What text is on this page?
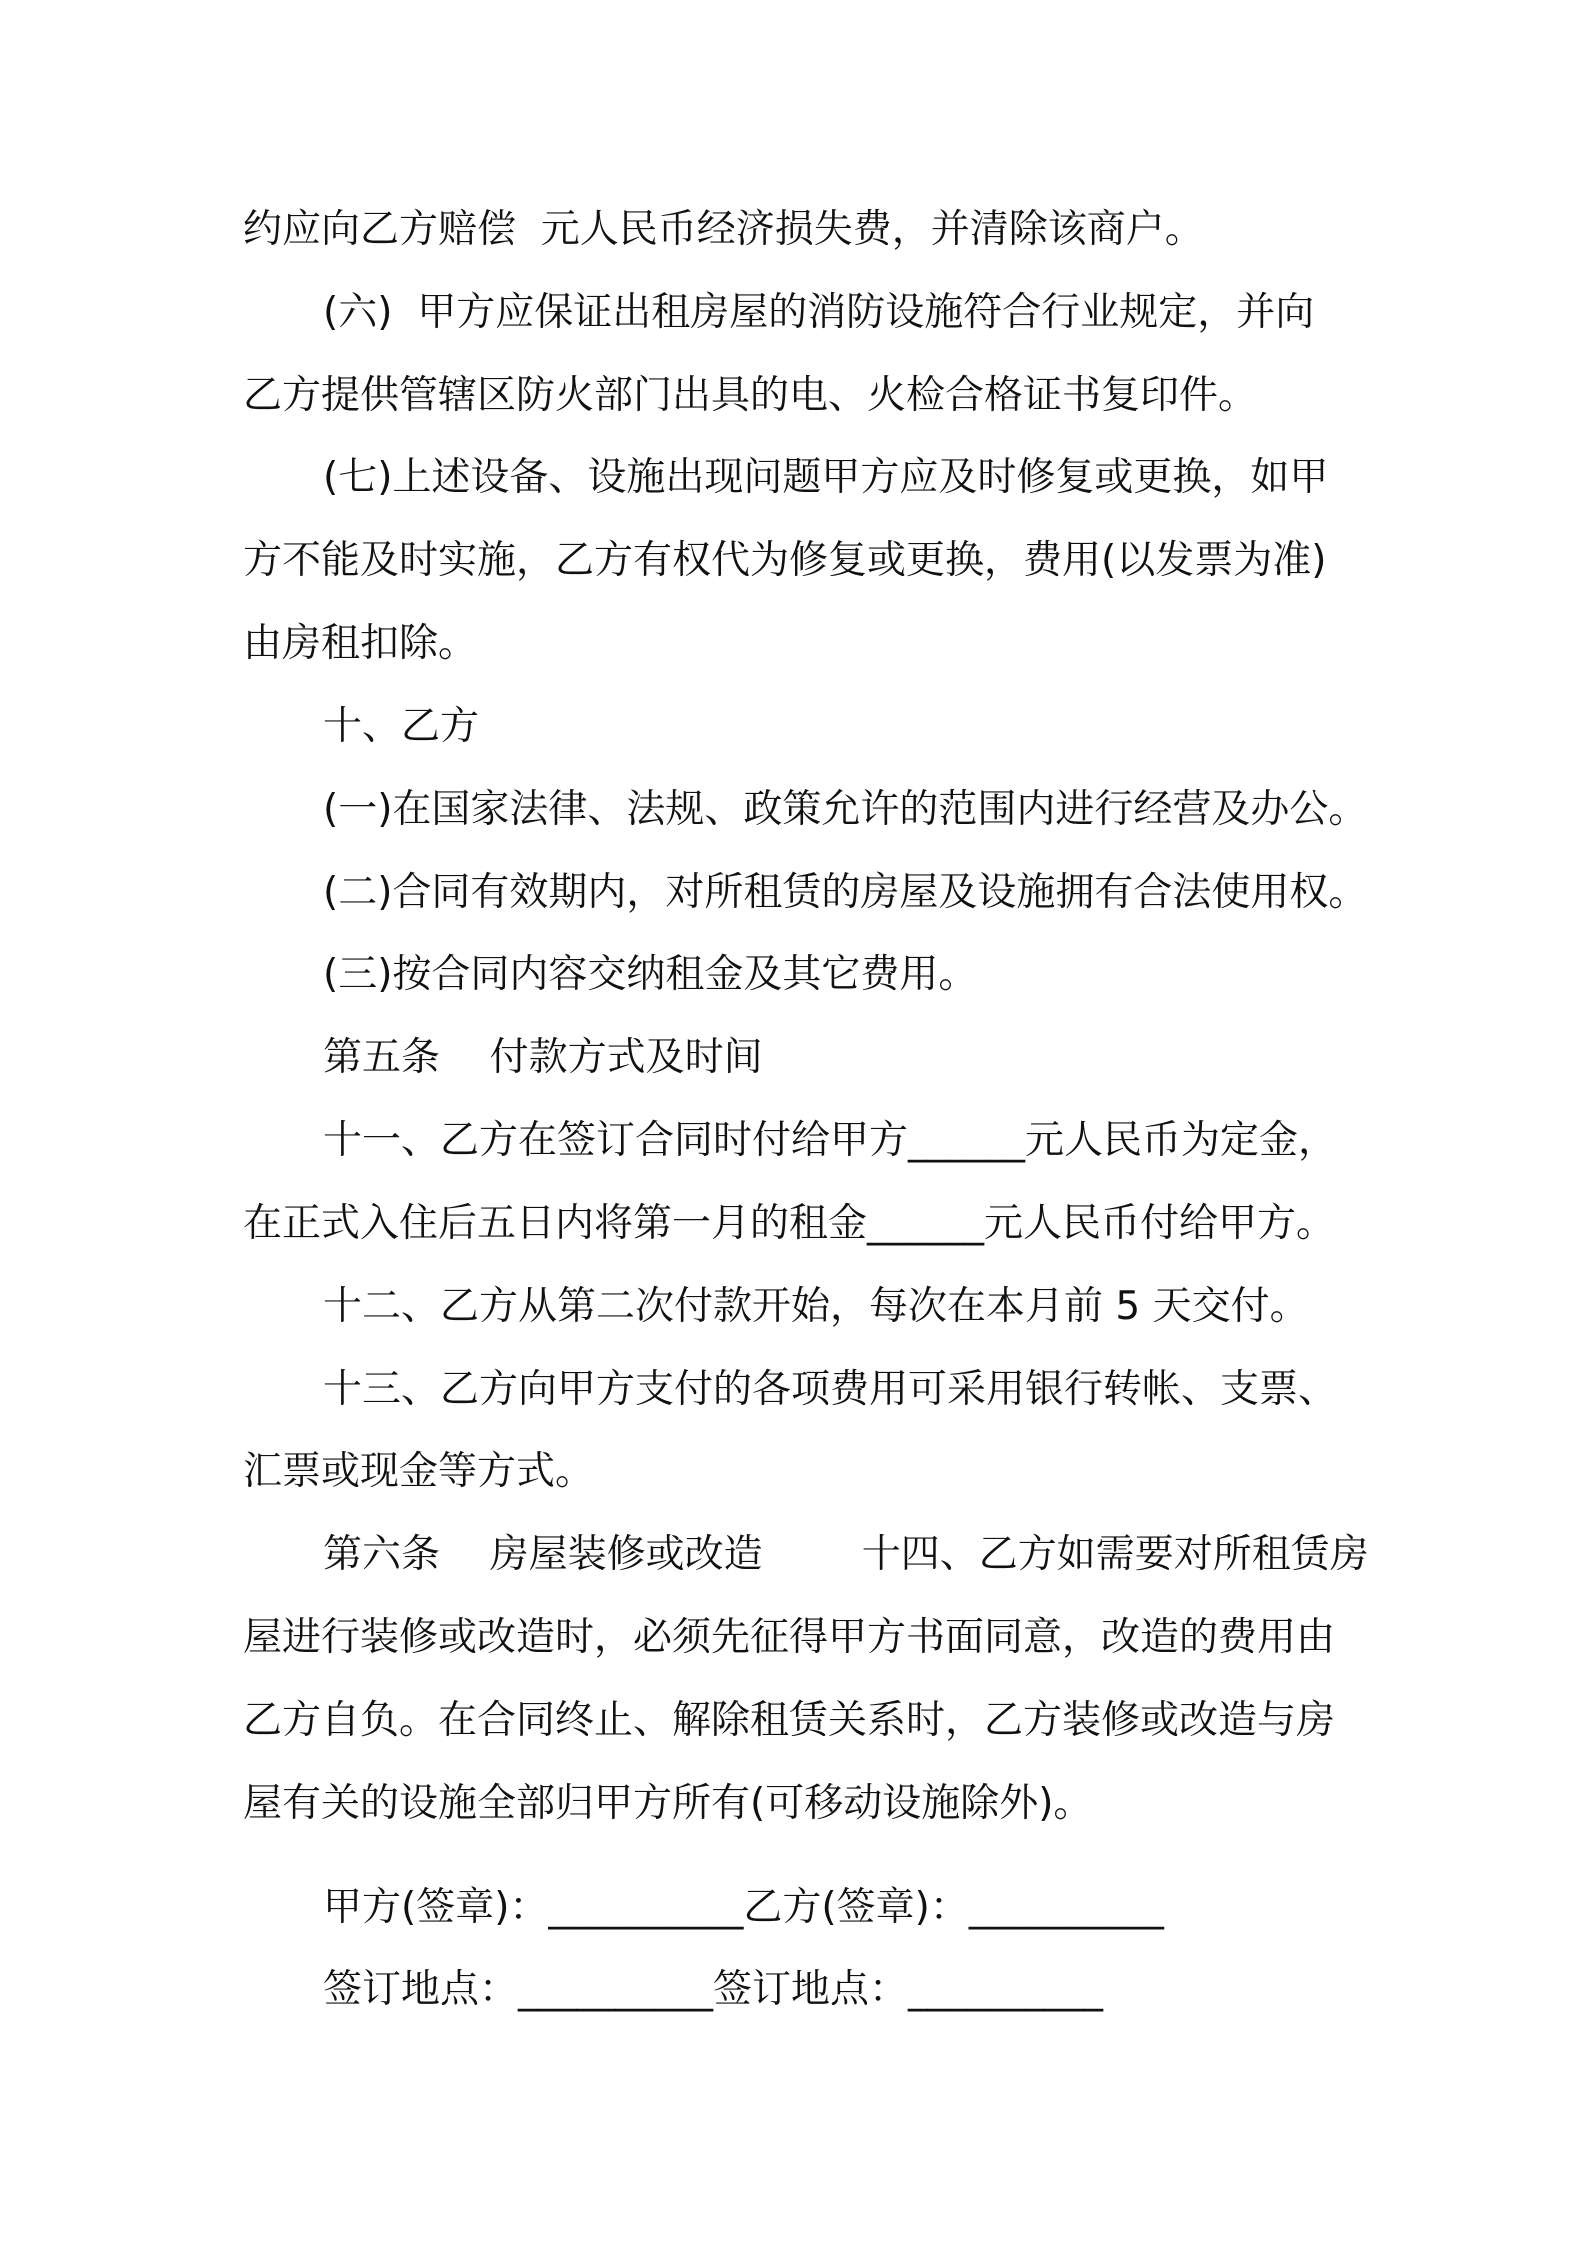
约应向乙方赔偿  元人民币经济损失费，并清除该商户。
(六)  甲方应保证出租房屋的消防设施符合行业规定，并向
乙方提供管辖区防火部门出具的电、火检合格证书复印件。
(七)上述设备、设施出现问题甲方应及时修复或更换，如甲
方不能及时实施，乙方有权代为修复或更换，费用(以发票为准)
由房租扣除。
十、乙方
(一)在国家法律、法规、政策允许的范围内进行经营及办公。
(二)合同有效期内，对所租赁的房屋及设施拥有合法使用权。
(三)按合同内容交纳租金及其它费用。
第五条    付款方式及时间
十一、乙方在签订合同时付给甲方______元人民币为定金，
在正式入住后五日内将第一月的租金______元人民币付给甲方。
十二、乙方从第二次付款开始，每次在本月前 5 天交付。
十三、乙方向甲方支付的各项费用可采用银行转帐、支票、
汇票或现金等方式。
第六条    房屋装修或改造        十四、乙方如需要对所租赁房
屋进行装修或改造时，必须先征得甲方书面同意，改造的费用由
乙方自负。在合同终止、解除租赁关系时，乙方装修或改造与房
屋有关的设施全部归甲方所有(可移动设施除外)。
甲方(签章)：__________乙方(签章)：__________
签订地点：__________签订地点：__________
